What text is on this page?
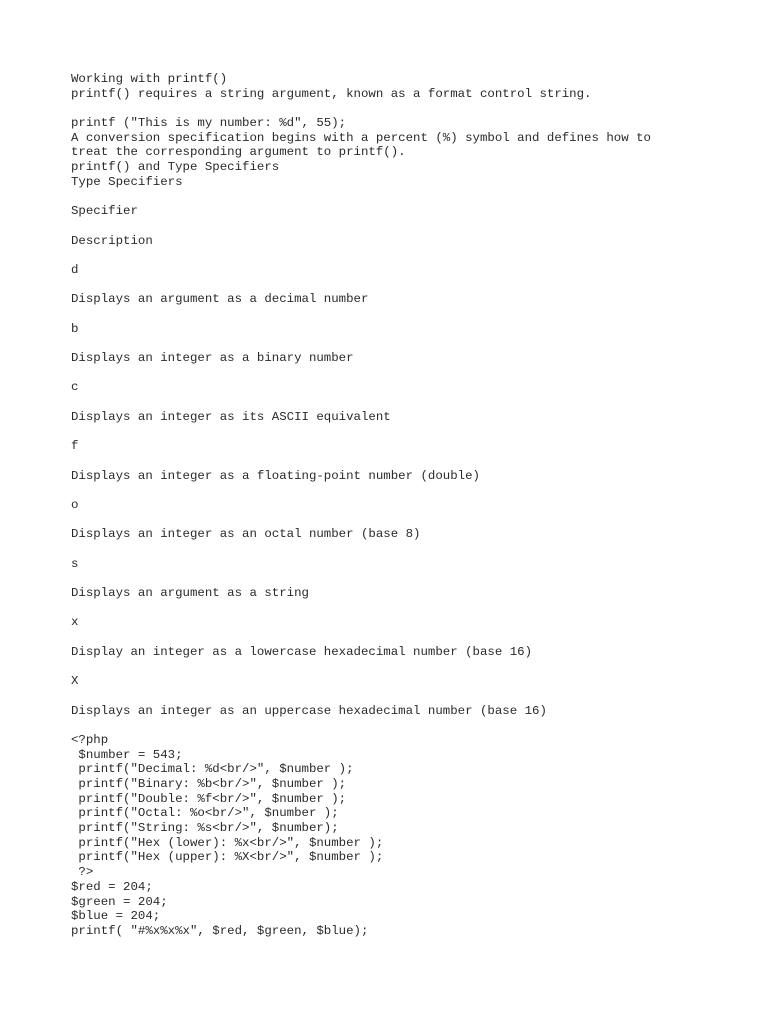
Working with printf()
printf() requires a string argument, known as a format control string.
printf ("This is my number: %d", 55);
A conversion specification begins with a percent (%) symbol and defines how to
treat the corresponding argument to printf().
printf() and Type Specifiers
Type Specifiers
Specifier
Description
d
Displays an argument as a decimal number
b
Displays an integer as a binary number
c
Displays an integer as its ASCII equivalent
f
Displays an integer as a floating-point number (double)
o
Displays an integer as an octal number (base 8)
s
Displays an argument as a string
x
Display an integer as a lowercase hexadecimal number (base 16)
X
Displays an integer as an uppercase hexadecimal number (base 16)
<?php
$number = 543;
printf("Decimal: %d<br/>", $number );
printf("Binary: %b<br/>", $number );
printf("Double: %f<br/>", $number );
printf("Octal: %o<br/>", $number );
printf("String: %s<br/>", $number);
printf("Hex (lower): %x<br/>", $number );
printf("Hex (upper): %X<br/>", $number );
?>
$red = 204;
$green = 204;
$blue = 204;
printf( "#%x%x%x", $red, $green, $blue);
